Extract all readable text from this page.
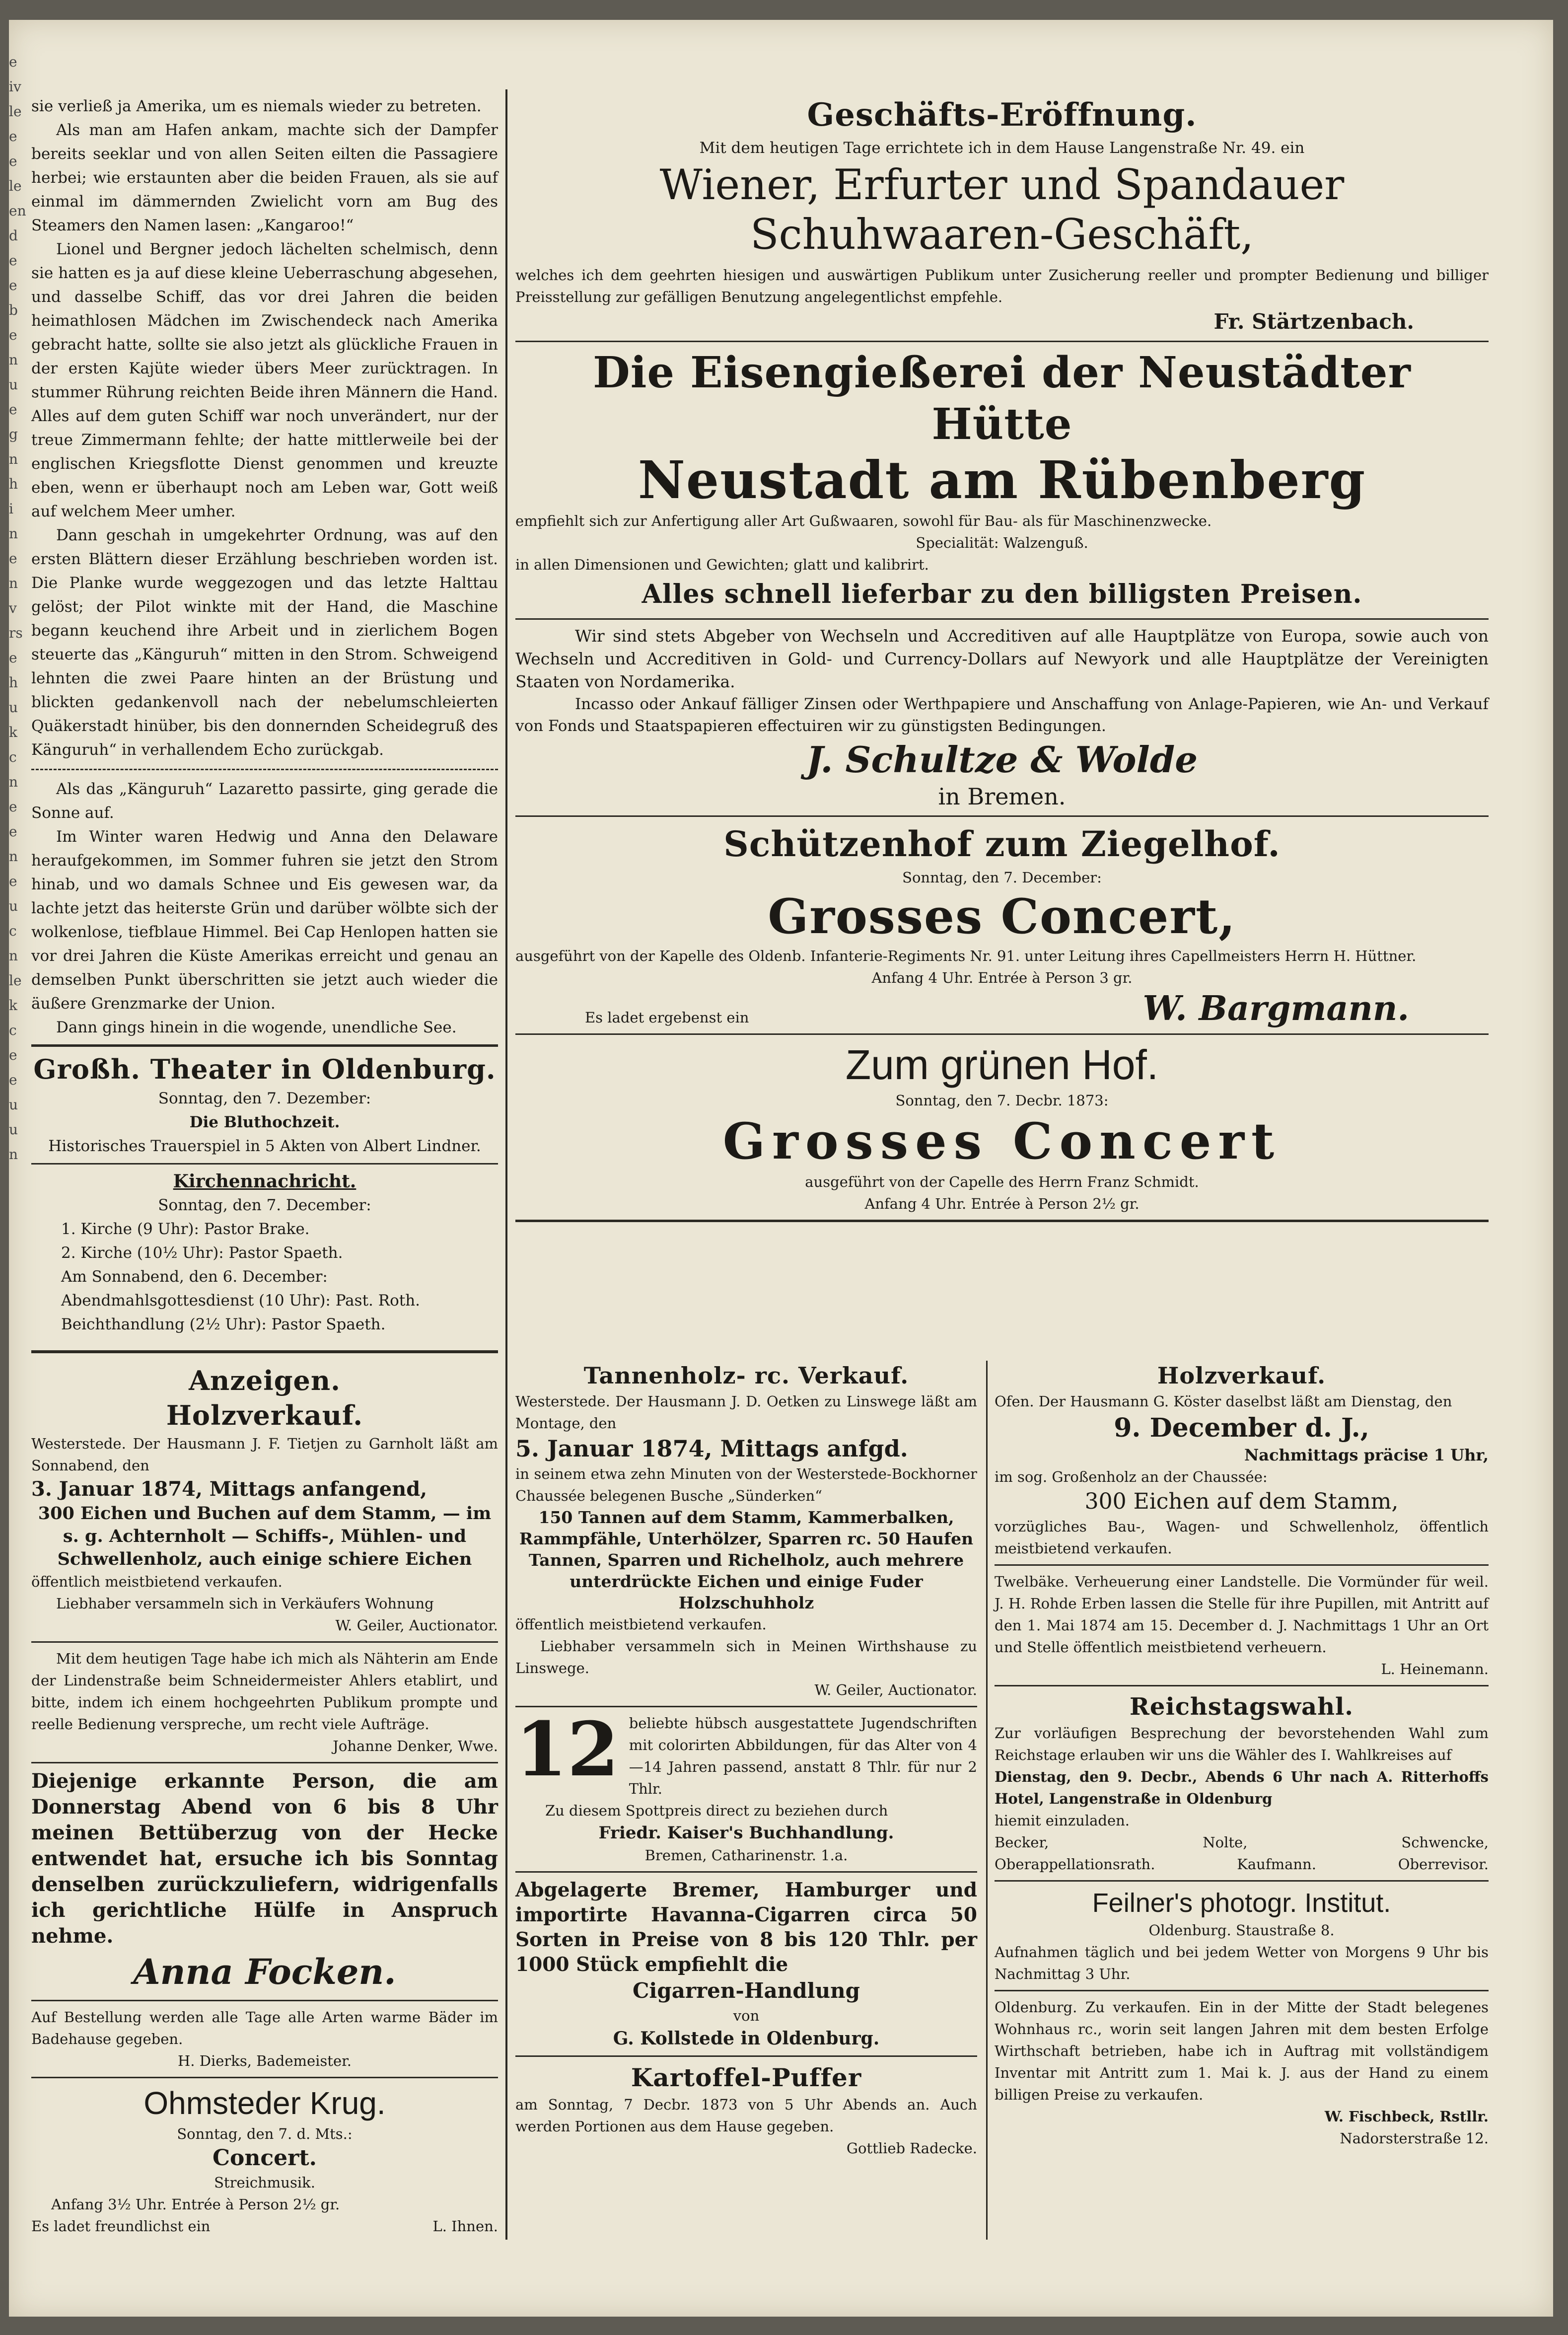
e
iv
le
e
e
le
en
d
e
e
b
e
n
u
e
g
n
h
i
n
e
n
v
rs
e
h
u
k
c
n
e
e
n
e
u
c
n
le
k
c
e
e
u
u
n

sie verließ ja Amerika, um es niemals wieder zu betreten.

Als man am Hafen ankam, machte sich der Dampfer bereits seeklar und von allen Seiten eilten die Passagiere herbei; wie erstaunten aber die beiden Frauen, als sie auf einmal im dämmernden Zwielicht vorn am Bug des Steamers den Namen lasen: „Kangaroo!“

Lionel und Bergner jedoch lächelten schelmisch, denn sie hatten es ja auf diese kleine Ueberraschung abgesehen, und dasselbe Schiff, das vor drei Jahren die beiden heimathlosen Mädchen im Zwischendeck nach Amerika gebracht hatte, sollte sie also jetzt als glückliche Frauen in der ersten Kajüte wieder übers Meer zurücktragen. In stummer Rührung reichten Beide ihren Männern die Hand. Alles auf dem guten Schiff war noch unverändert, nur der treue Zimmermann fehlte; der hatte mittlerweile bei der englischen Kriegsflotte Dienst genommen und kreuzte eben, wenn er überhaupt noch am Leben war, Gott weiß auf welchem Meer umher.

Dann geschah in umgekehrter Ordnung, was auf den ersten Blättern dieser Erzählung beschrieben worden ist. Die Planke wurde weggezogen und das letzte Halttau gelöst; der Pilot winkte mit der Hand, die Maschine begann keuchend ihre Arbeit und in zierlichem Bogen steuerte das „Känguruh“ mitten in den Strom. Schweigend lehnten die zwei Paare hinten an der Brüstung und blickten gedankenvoll nach der nebelumschleierten Quäkerstadt hinüber, bis den donnernden Scheidegruß des Känguruh“ in verhallendem Echo zurückgab.

Als das „Känguruh“ Lazaretto passirte, ging gerade die Sonne auf.

Im Winter waren Hedwig und Anna den Delaware heraufgekommen, im Sommer fuhren sie jetzt den Strom hinab, und wo damals Schnee und Eis gewesen war, da lachte jetzt das heiterste Grün und darüber wölbte sich der wolkenlose, tiefblaue Himmel. Bei Cap Henlopen hatten sie vor drei Jahren die Küste Amerikas erreicht und genau an demselben Punkt überschritten sie jetzt auch wieder die äußere Grenzmarke der Union.

Dann gings hinein in die wogende, unendliche See.

Großh. Theater in Oldenburg.
Sonntag, den 7. Dezember:
Die Bluthochzeit.
Historisches Trauerspiel in 5 Akten von Albert Lindner.
Kirchennachricht.
Sonntag, den 7. December:
1. Kirche (9 Uhr): Pastor Brake.
2. Kirche (10½ Uhr): Pastor Spaeth.
Am Sonnabend, den 6. December:
Abendmahlsgottesdienst (10 Uhr): Past. Roth.
Beichthandlung (2½ Uhr): Pastor Spaeth.
Anzeigen.
Holzverkauf.
Westerstede. Der Hausmann J. F. Tietjen zu Garnholt läßt am Sonnabend, den
3. Januar 1874, Mittags anfangend,
300 Eichen und Buchen auf dem Stamm, — im s. g. Achternholt — Schiffs-, Mühlen- und Schwellenholz, auch einige schiere Eichen
öffentlich meistbietend verkaufen.
Liebhaber versammeln sich in Verkäufers Wohnung
W. Geiler, Auctionator.
Mit dem heutigen Tage habe ich mich als Nähterin am Ende der Lindenstraße beim Schneidermeister Ahlers etablirt, und bitte, indem ich einem hochgeehrten Publikum prompte und reelle Bedienung verspreche, um recht viele Aufträge.
Johanne Denker, Wwe.
Diejenige erkannte Person, die am Donnerstag Abend von 6 bis 8 Uhr meinen Bettüberzug von der Hecke entwendet hat, ersuche ich bis Sonntag denselben zurückzuliefern, widrigenfalls ich gerichtliche Hülfe in Anspruch nehme.
Anna Focken.
Auf Bestellung werden alle Tage alle Arten warme Bäder im Badehause gegeben.
H. Dierks, Bademeister.
Ohmsteder Krug.
Sonntag, den 7. d. Mts.:
Concert.
Streichmusik.
Anfang 3½ Uhr. Entrée à Person 2½ gr.
Es ladet freundlichst ein	L. Ihnen.
Geschäfts-Eröffnung.
Mit dem heutigen Tage errichtete ich in dem Hause Langenstraße Nr. 49. ein
Wiener, Erfurter und Spandauer Schuhwaaren-Geschäft,
welches ich dem geehrten hiesigen und auswärtigen Publikum unter Zusicherung reeller und prompter Bedienung und billiger Preisstellung zur gefälligen Benutzung angelegentlichst empfehle.
Fr. Stärtzenbach.
Die Eisengießerei der Neustädter Hütte
Neustadt am Rübenberg
empfiehlt sich zur Anfertigung aller Art Gußwaaren, sowohl für Bau- als für Maschinenzwecke.
Specialität: Walzenguß.
in allen Dimensionen und Gewichten; glatt und kalibrirt.
Alles schnell lieferbar zu den billigsten Preisen.
Wir sind stets Abgeber von Wechseln und Accreditiven auf alle Hauptplätze von Europa, sowie auch von Wechseln und Accreditiven in Gold- und Currency-Dollars auf Newyork und alle Hauptplätze der Vereinigten Staaten von Nordamerika.
Incasso oder Ankauf fälliger Zinsen oder Werthpapiere und Anschaffung von Anlage-Papieren, wie An- und Verkauf von Fonds und Staatspapieren effectuiren wir zu günstigsten Bedingungen.
J. Schultze & Wolde
in Bremen.
Schützenhof zum Ziegelhof.
Sonntag, den 7. December:
Grosses Concert,
ausgeführt von der Kapelle des Oldenb. Infanterie-Regiments Nr. 91. unter Leitung ihres Capellmeisters Herrn H. Hüttner.
Anfang 4 Uhr. Entrée à Person 3 gr.
Es ladet ergebenst ein	W. Bargmann.
Zum grünen Hof.
Sonntag, den 7. Decbr. 1873:
Grosses Concert
ausgeführt von der Capelle des Herrn Franz Schmidt.
Anfang 4 Uhr. Entrée à Person 2½ gr.
Tannenholz- rc. Verkauf.
Westerstede. Der Hausmann J. D. Oetken zu Linswege läßt am Montage, den
5. Januar 1874, Mittags anfgd.
in seinem etwa zehn Minuten von der Westerstede-Bockhorner Chaussée belegenen Busche „Sünderken“
150 Tannen auf dem Stamm, Kammerbalken, Rammpfähle, Unterhölzer, Sparren rc. 50 Haufen Tannen, Sparren und Richelholz, auch mehrere unterdrückte Eichen und einige Fuder Holzschuhholz
öffentlich meistbietend verkaufen.
Liebhaber versammeln sich in Meinen Wirthshause zu Linswege.
W. Geiler, Auctionator.
12 beliebte hübsch ausgestattete Jugendschriften mit colorirten Abbildungen, für das Alter von 4—14 Jahren passend, anstatt 8 Thlr. für nur 2 Thlr.
Zu diesem Spottpreis direct zu beziehen durch
Friedr. Kaiser's Buchhandlung.
Bremen, Catharinenstr. 1.a.
Abgelagerte Bremer, Hamburger und importirte Havanna-Cigarren circa 50 Sorten in Preise von 8 bis 120 Thlr. per 1000 Stück empfiehlt die
Cigarren-Handlung
von
G. Kollstede in Oldenburg.
Kartoffel-Puffer
am Sonntag, 7 Decbr. 1873 von 5 Uhr Abends an. Auch werden Portionen aus dem Hause gegeben.
Gottlieb Radecke.
Holzverkauf.
Ofen. Der Hausmann G. Köster daselbst läßt am Dienstag, den
9. December d. J.,
Nachmittags präcise 1 Uhr,
im sog. Großenholz an der Chaussée:
300 Eichen auf dem Stamm,
vorzügliches Bau-, Wagen- und Schwellenholz, öffentlich meistbietend verkaufen.
Twelbäke. Verheuerung einer Landstelle. Die Vormünder für weil. J. H. Rohde Erben lassen die Stelle für ihre Pupillen, mit Antritt auf den 1. Mai 1874 am 15. December d. J. Nachmittags 1 Uhr an Ort und Stelle öffentlich meistbietend verheuern.
L. Heinemann.
Reichstagswahl.
Zur vorläufigen Besprechung der bevorstehenden Wahl zum Reichstage erlauben wir uns die Wähler des I. Wahlkreises auf
Dienstag, den 9. Decbr., Abends 6 Uhr nach A. Ritterhoffs Hotel, Langenstraße in Oldenburg
hiemit einzuladen.
Becker,	Nolte,	Schwencke,
Oberappellationsrath.	Kaufmann.	Oberrevisor.
Feilner's photogr. Institut.
Oldenburg. Staustraße 8.
Aufnahmen täglich und bei jedem Wetter von Morgens 9 Uhr bis Nachmittag 3 Uhr.
Oldenburg. Zu verkaufen. Ein in der Mitte der Stadt belegenes Wohnhaus rc., worin seit langen Jahren mit dem besten Erfolge Wirthschaft betrieben, habe ich in Auftrag mit vollständigem Inventar mit Antritt zum 1. Mai k. J. aus der Hand zu einem billigen Preise zu verkaufen.
W. Fischbeck, Rstllr.
Nadorsterstraße 12.
